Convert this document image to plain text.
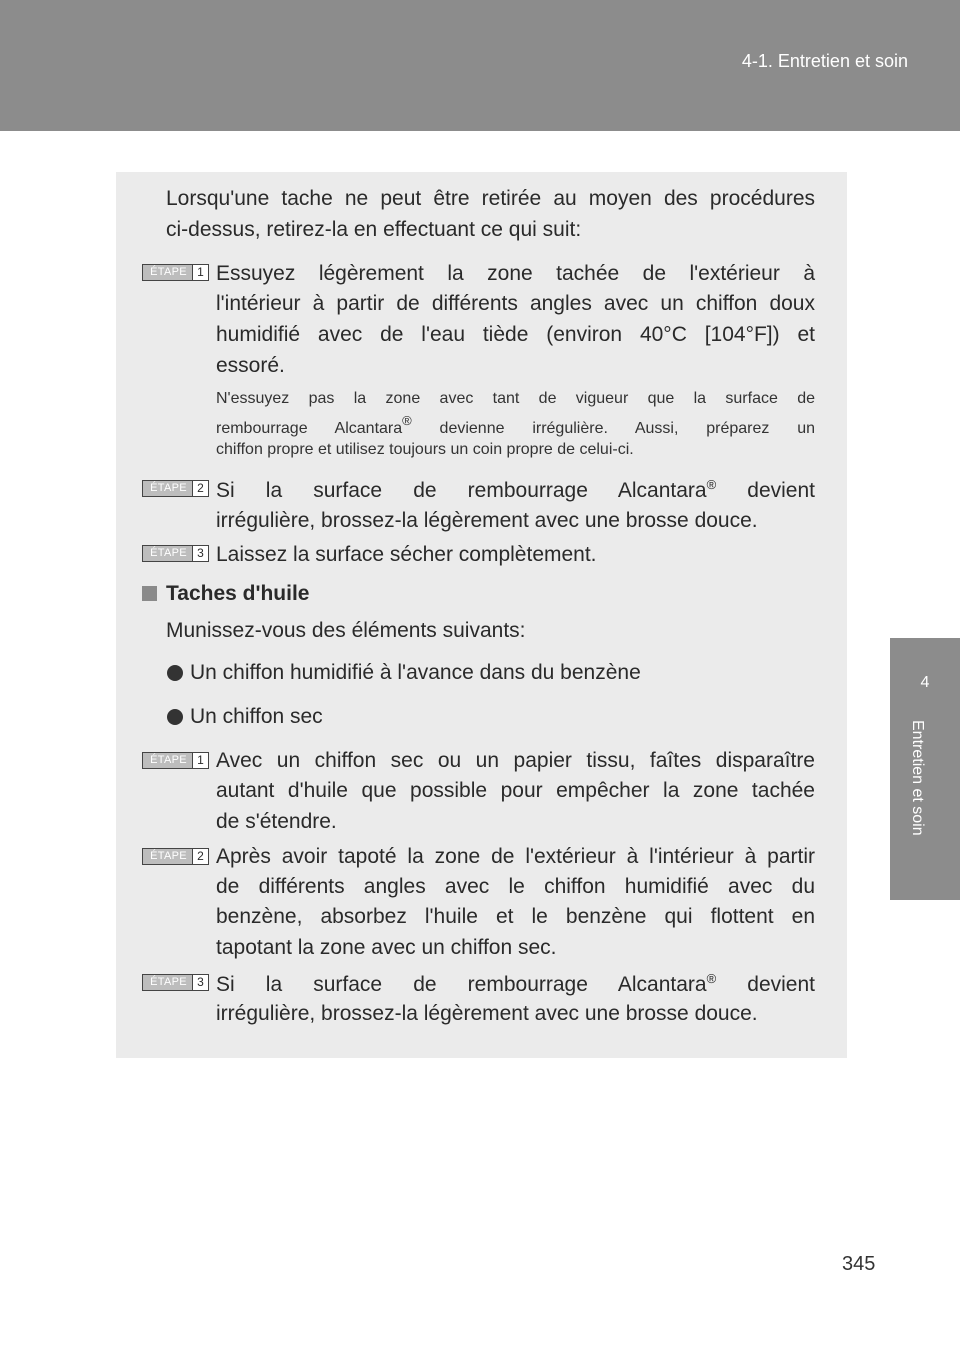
4-1. Entretien et soin
4
Entretien et soin
Lorsqu'une tache ne peut être retirée au moyen des procédures
ci-dessus, retirez-la en effectuant ce qui suit:
ÉTAPE 1 Essuyez légèrement la zone tachée de l'extérieur à
l'intérieur à partir de différents angles avec un chiffon doux
humidifié avec de l'eau tiède (environ 40°C [104°F]) et
essoré.
N'essuyez pas la zone avec tant de vigueur que la surface de
rembourrage Alcantara® devienne irrégulière. Aussi, préparez un
chiffon propre et utilisez toujours un coin propre de celui-ci.
ÉTAPE 2 Si la surface de rembourrage Alcantara® devient
irrégulière, brossez-la légèrement avec une brosse douce.
ÉTAPE 3 Laissez la surface sécher complètement.
Taches d'huile
Munissez-vous des éléments suivants:
Un chiffon humidifié à l'avance dans du benzène
Un chiffon sec
ÉTAPE 1 Avec un chiffon sec ou un papier tissu, faîtes disparaître
autant d'huile que possible pour empêcher la zone tachée
de s'étendre.
ÉTAPE 2 Après avoir tapoté la zone de l'extérieur à l'intérieur à partir
de différents angles avec le chiffon humidifié avec du
benzène, absorbez l'huile et le benzène qui flottent en
tapotant la zone avec un chiffon sec.
ÉTAPE 3 Si la surface de rembourrage Alcantara® devient
irrégulière, brossez-la légèrement avec une brosse douce.
345
